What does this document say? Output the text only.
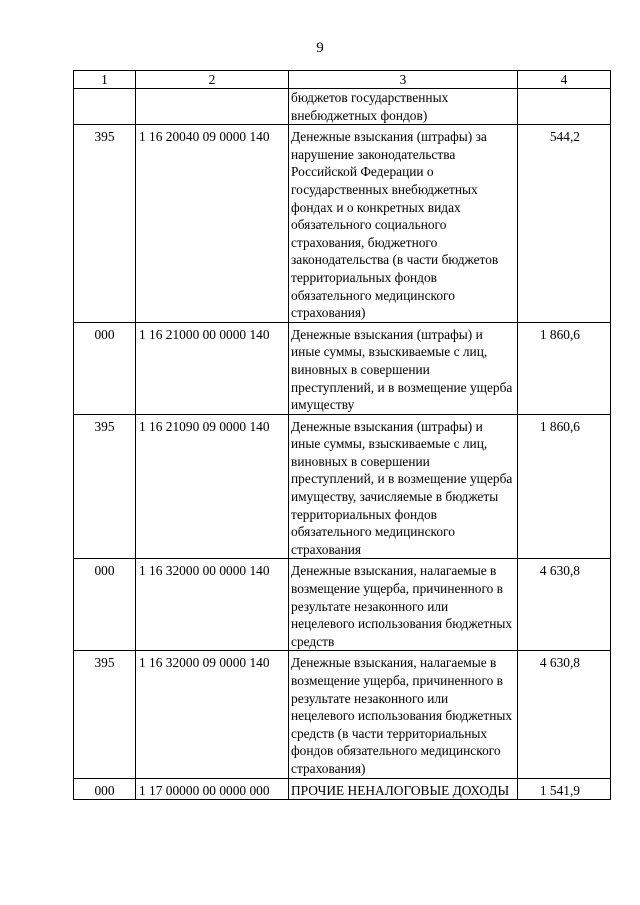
9
1	2	3	4
		бюджетов государственных внебюджетных фондов)	
395	1 16 20040 09 0000 140	Денежные взыскания (штрафы) за нарушение законодательства Российской Федерации о государственных внебюджетных фондах и о конкретных видах обязательного социального страхования, бюджетного законодательства (в части бюджетов территориальных фондов обязательного медицинского страхования)	544,2
000	1 16 21000 00 0000 140	Денежные взыскания (штрафы) и иные суммы, взыскиваемые с лиц, виновных в совершении преступлений, и в возмещение ущерба имуществу	1 860,6
395	1 16 21090 09 0000 140	Денежные взыскания (штрафы) и иные суммы, взыскиваемые с лиц, виновных в совершении преступлений, и в возмещение ущерба имуществу, зачисляемые в бюджеты территориальных фондов обязательного медицинского страхования	1 860,6
000	1 16 32000 00 0000 140	Денежные взыскания, налагаемые в возмещение ущерба, причиненного в результате незаконного или нецелевого использования бюджетных средств	4 630,8
395	1 16 32000 09 0000 140	Денежные взыскания, налагаемые в возмещение ущерба, причиненного в результате незаконного или нецелевого использования бюджетных средств (в части территориальных фондов обязательного медицинского страхования)	4 630,8
000	1 17 00000 00 0000 000	ПРОЧИЕ НЕНАЛОГОВЫЕ ДОХОДЫ	1 541,9
